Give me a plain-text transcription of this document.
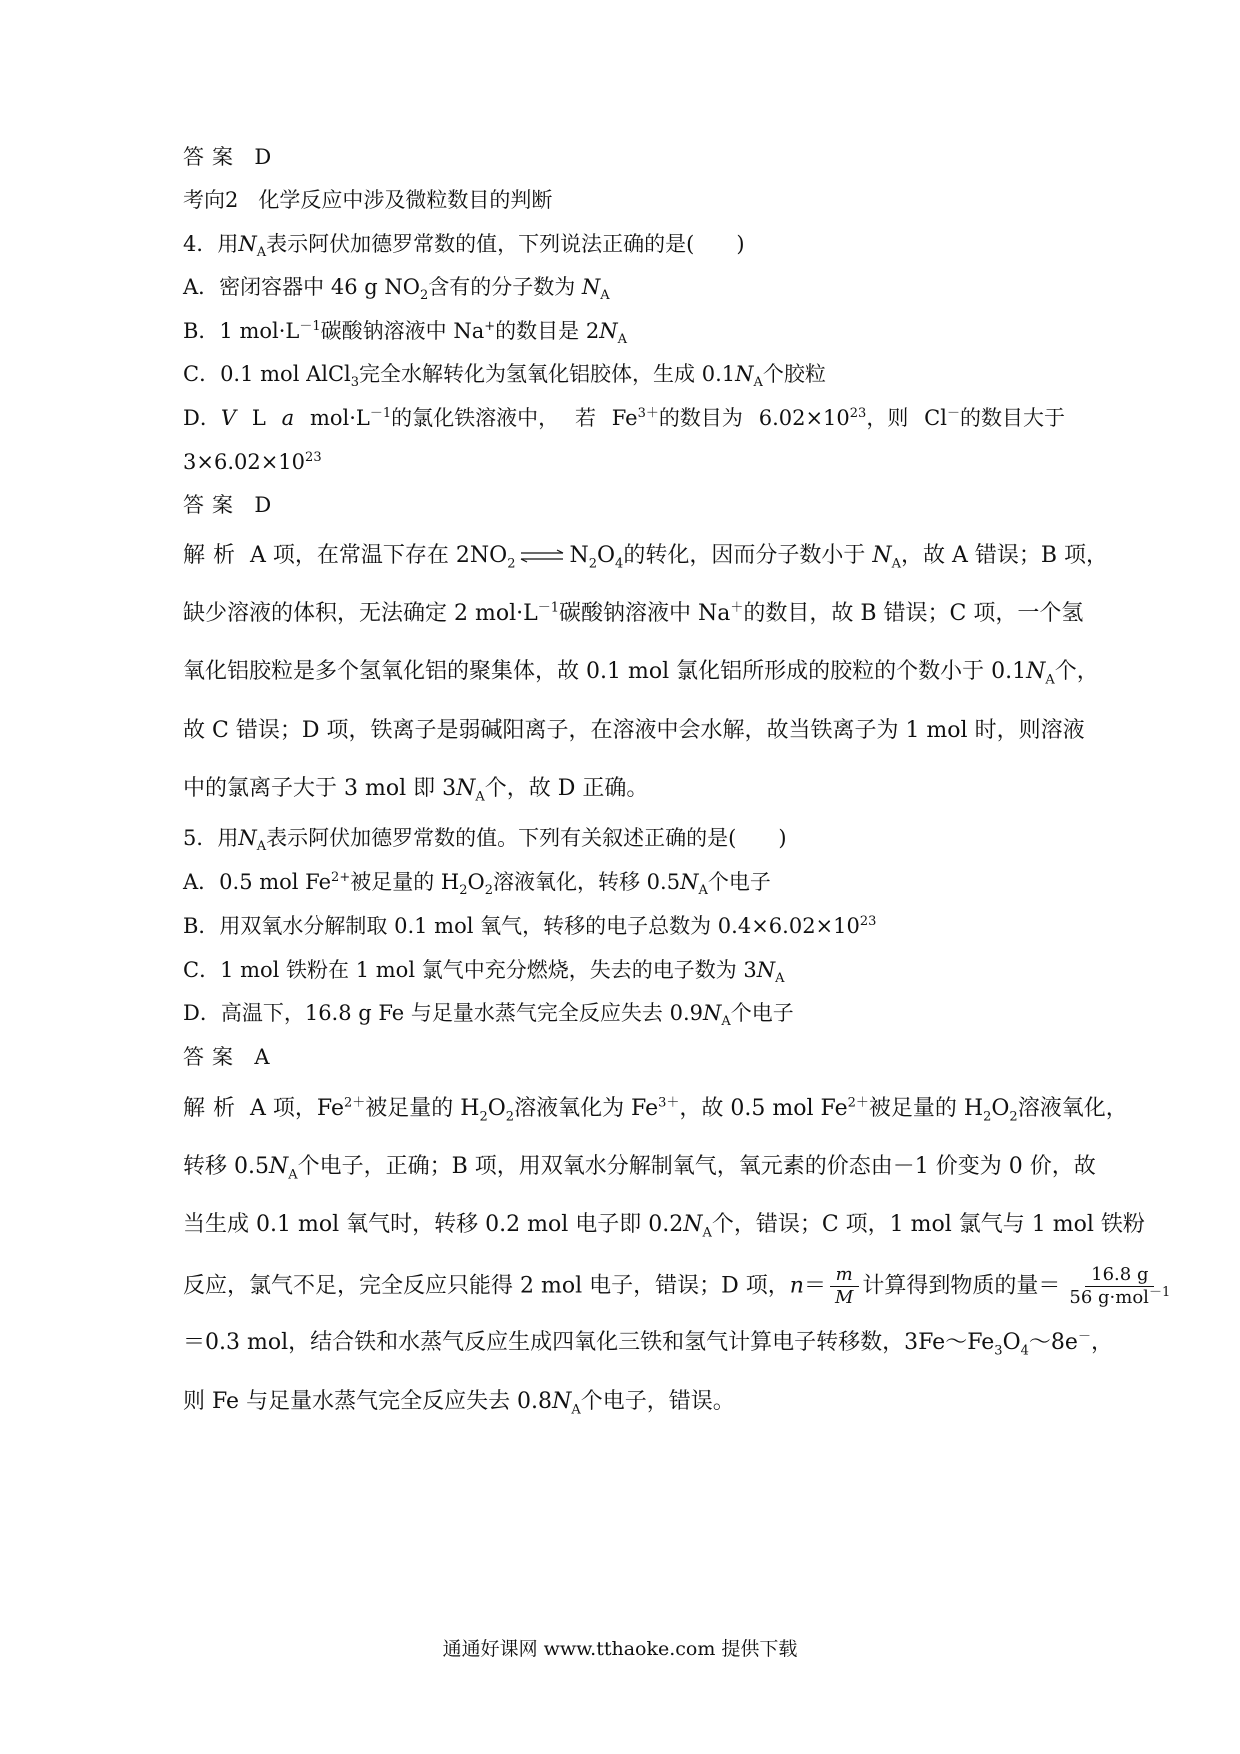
答案 D
考向2 化学反应中涉及微粒数目的判断
4．用$N_A$表示阿伏加德罗常数的值，下列说法正确的是(　　)
A．密闭容器中 46 g $NO_2$含有的分子数为 $N_A$
B．1 $mol\cdot L^{-1}$碳酸钠溶液中 Na+的数目是 $2N_A$
C．0.1 mol AlCl$_3$完全水解转化为氢氧化铝胶体，生成 $0.1N_A$个胶粒
D．V L a $mol\cdot L^{-1}$的氯化铁溶液中， 若 $Fe^{3+}$的数目为 $6.02\times 10^{23}$，则 Cl－的数目大于
$3\times 6.02\times 10^{23}$
答案 D
解析 A 项，在常温下存在 $2NO_2$ ⇌ $N_2O_4$的转化，因而分子数小于 $N_A$，故 A 错误；B 项，
缺少溶液的体积，无法确定 2 $mol\cdot L^{-1}$碳酸钠溶液中 Na＋的数目，故 B 错误；C 项，一个氢
氧化铝胶粒是多个氢氧化铝的聚集体，故 0.1 mol 氯化铝所形成的胶粒的个数小于 $0.1N_A$个，
故 C 错误；D 项，铁离子是弱碱阳离子，在溶液中会水解，故当铁离子为 1 mol 时，则溶液
中的氯离子大于 3 mol 即 $3N_A$个，故 D 正确。
5．用$N_A$表示阿伏加德罗常数的值。下列有关叙述正确的是(　　)
A．0.5 mol $Fe^{2+}$被足量的 $H_2O_2$溶液氧化，转移 $0.5N_A$个电子
B．用双氧水分解制取 0.1 mol 氧气，转移的电子总数为 $0.4\times 6.02\times 10^{23}$
C．1 mol 铁粉在 1 mol 氯气中充分燃烧，失去的电子数为 $3N_A$
D．高温下，16.8 g Fe 与足量水蒸气完全反应失去 $0.9N_A$个电子
答案 A
解析 A 项，$Fe^{2+}$被足量的 $H_2O_2$溶液氧化为 $Fe^{3+}$，故 0.5 mol $Fe^{2+}$被足量的 $H_2O_2$溶液氧化，
转移 $0.5N_A$个电子，正确；B 项，用双氧水分解制氧气，氧元素的价态由－1 价变为 0 价，故
当生成 0.1 mol 氧气时，转移 0.2 mol 电子即 $0.2N_A$个，错误；C 项，1 mol 氯气与 1 mol 铁粉
反应，氯气不足，完全反应只能得 2 mol 电子，错误；D 项，$n= \frac{m}{M}$ 计算得到物质的量＝ $\frac{16.8 g}{56 g\cdot mol^{-1}}$
＝0.3 mol，结合铁和水蒸气反应生成四氧化三铁和氢气计算电子转移数，$3Fe\sim Fe_3O_4\sim 8e^-$，
则 Fe 与足量水蒸气完全反应失去 $0.8N_A$个电子，错误。
通通好课网 www.tthaoke.com 提供下载
